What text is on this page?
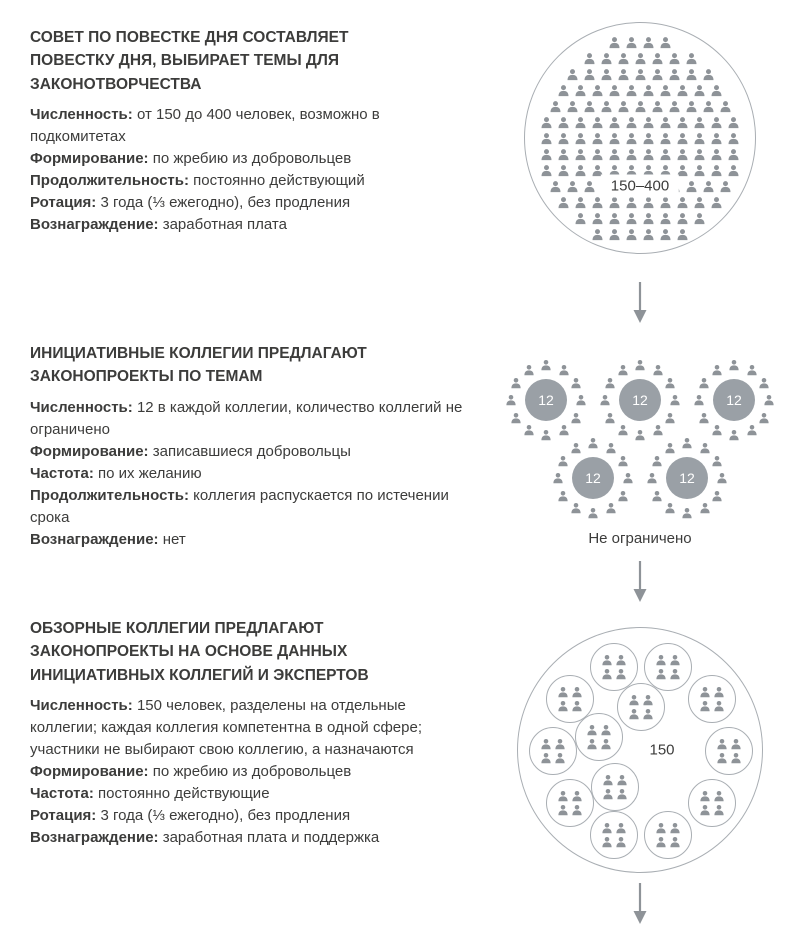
СОВЕТ ПО ПОВЕСТКЕ ДНЯ СОСТАВЛЯЕТ ПОВЕСТКУ ДНЯ, ВЫБИРАЕТ ТЕМЫ ДЛЯ ЗАКОНОТВОРЧЕСТВА

Численность: от 150 до 400 человек, возможно в подкомитетах

Формирование: по жребию из добровольцев

Продолжительность: постоянно действующий

Ротация: 3 года (⅓ ежегодно), без продления

Вознаграждение: заработная плата

150–400
ИНИЦИАТИВНЫЕ КОЛЛЕГИИ ПРЕДЛАГАЮТ ЗАКОНОПРОЕКТЫ ПО ТЕМАМ

Численность: 12 в каждой коллегии, количество коллегий не ограничено

Формирование: записавшиеся добровольцы

Частота: по их желанию

Продолжительность: коллегия распускается по истечении срока

Вознаграждение: нет

12	12	12
12	12
Не ограничено
ОБЗОРНЫЕ КОЛЛЕГИИ ПРЕДЛАГАЮТ ЗАКОНОПРОЕКТЫ НА ОСНОВЕ ДАННЫХ ИНИЦИАТИВНЫХ КОЛЛЕГИЙ И ЭКСПЕРТОВ

Численность: 150 человек, разделены на отдельные коллегии; каждая коллегия компетентна в одной сфере; участники не выбирают свою коллегию, а назначаются

Формирование: по жребию из добровольцев

Частота: постоянно действующие

Ротация: 3 года (⅓ ежегодно), без продления

Вознаграждение: заработная плата и поддержка

150
